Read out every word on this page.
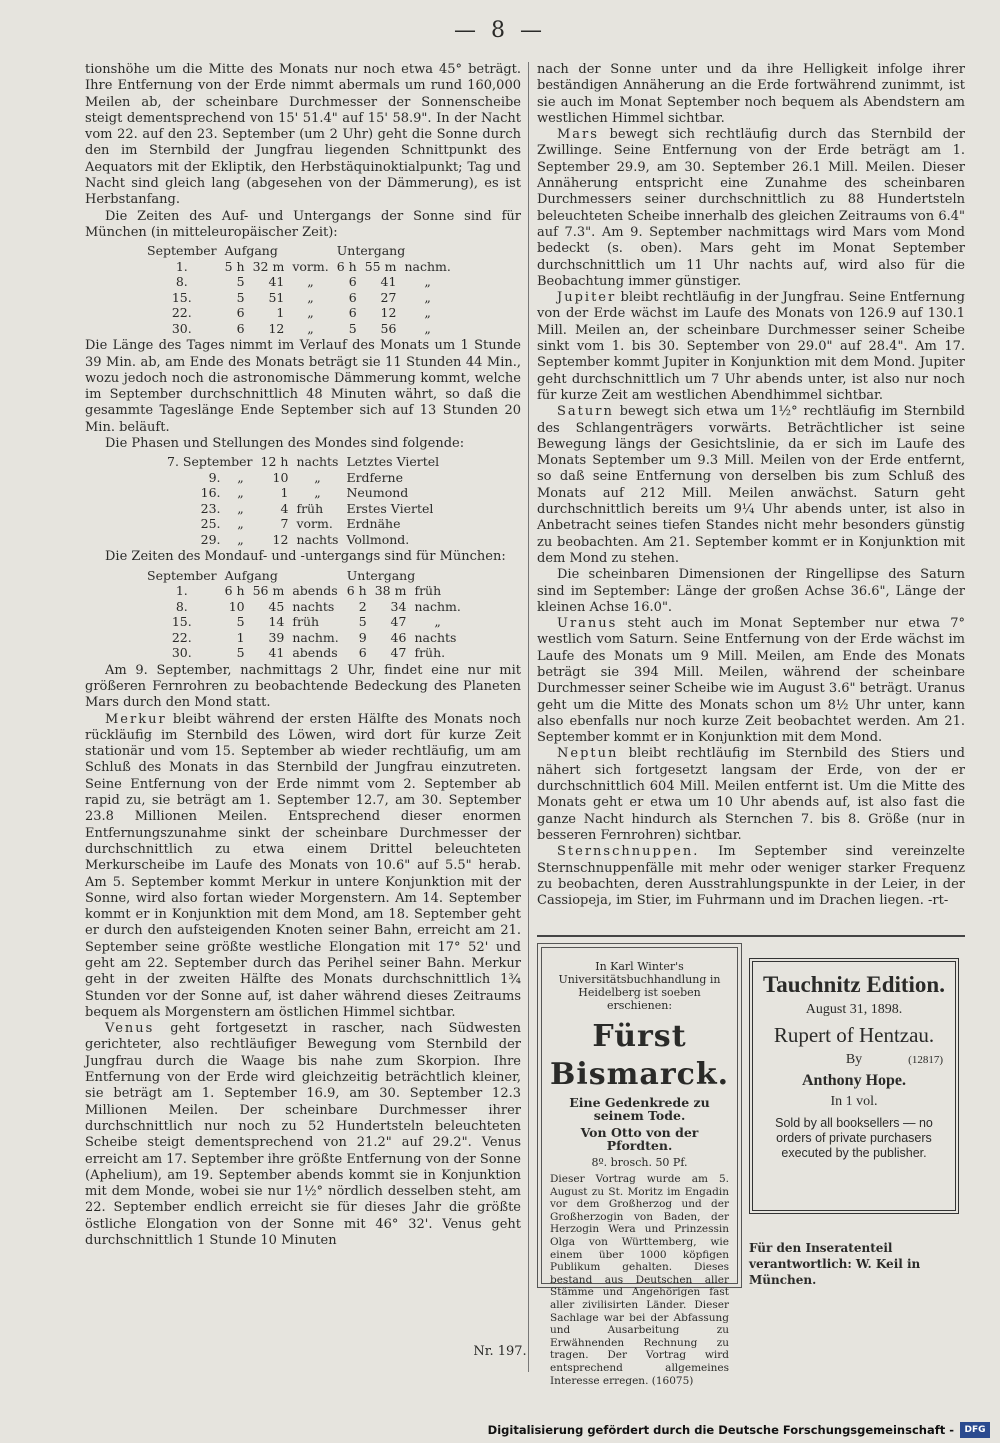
— 8 —

tionshöhe um die Mitte des Monats nur noch etwa 45° beträgt. Ihre Entfernung von der Erde nimmt abermals um rund 160,000 Meilen ab, der scheinbare Durchmesser der Sonnenscheibe steigt dementsprechend von 15' 51.4" auf 15' 58.9". In der Nacht vom 22. auf den 23. September (um 2 Uhr) geht die Sonne durch den im Sternbild der Jungfrau liegenden Schnittpunkt des Aequators mit der Ekliptik, den Herbstäquinoktialpunkt; Tag und Nacht sind gleich lang (abgesehen von der Dämmerung), es ist Herbstanfang.

Die Zeiten des Auf- und Untergangs der Sonne sind für München (in mitteleuropäischer Zeit):

September	Aufgang			Untergang		
1.	5 h	32 m	vorm.	6 h	55 m	nachm.
8.	5	41	„	6	41	„
15.	5	51	„	6	27	„
22.	6	1	„	6	12	„
30.	6	12	„	5	56	„

Die Länge des Tages nimmt im Verlauf des Monats um 1 Stunde 39 Min. ab, am Ende des Monats beträgt sie 11 Stunden 44 Min., wozu jedoch noch die astronomische Dämmerung kommt, welche im September durchschnittlich 48 Minuten währt, so daß die gesammte Tageslänge Ende September sich auf 13 Stunden 20 Min. beläuft.

Die Phasen und Stellungen des Mondes sind folgende:

7. September		12 h	nachts	Letztes Viertel
9.	„	10	„	Erdferne
16.	„	1	„	Neumond
23.	„	4	früh	Erstes Viertel
25.	„	7	vorm.	Erdnähe
29.	„	12	nachts	Vollmond.

Die Zeiten des Mondauf- und -untergangs sind für München:

September	Aufgang			Untergang		
1.	6 h	56 m	abends	6 h	38 m	früh
8.	10	45	nachts	2	34	nachm.
15.	5	14	früh	5	47	„
22.	1	39	nachm.	9	46	nachts
30.	5	41	abends	6	47	früh.

Am 9. September, nachmittags 2 Uhr, findet eine nur mit größeren Fernrohren zu beobachtende Bedeckung des Planeten Mars durch den Mond statt.

Merkur bleibt während der ersten Hälfte des Monats noch rückläufig im Sternbild des Löwen, wird dort für kurze Zeit stationär und vom 15. September ab wieder rechtläufig, um am Schluß des Monats in das Sternbild der Jungfrau einzutreten. Seine Entfernung von der Erde nimmt vom 2. September ab rapid zu, sie beträgt am 1. September 12.7, am 30. September 23.8 Millionen Meilen. Entsprechend dieser enormen Entfernungszunahme sinkt der scheinbare Durchmesser der durchschnittlich zu etwa einem Drittel beleuchteten Merkurscheibe im Laufe des Monats von 10.6" auf 5.5" herab. Am 5. September kommt Merkur in untere Konjunktion mit der Sonne, wird also fortan wieder Morgenstern. Am 14. September kommt er in Konjunktion mit dem Mond, am 18. September geht er durch den aufsteigenden Knoten seiner Bahn, erreicht am 21. September seine größte westliche Elongation mit 17° 52' und geht am 22. September durch das Perihel seiner Bahn. Merkur geht in der zweiten Hälfte des Monats durchschnittlich 1¾ Stunden vor der Sonne auf, ist daher während dieses Zeitraums bequem als Morgenstern am östlichen Himmel sichtbar.

Venus geht fortgesetzt in rascher, nach Südwesten gerichteter, also rechtläufiger Bewegung vom Sternbild der Jungfrau durch die Waage bis nahe zum Skorpion. Ihre Entfernung von der Erde wird gleichzeitig beträchtlich kleiner, sie beträgt am 1. September 16.9, am 30. September 12.3 Millionen Meilen. Der scheinbare Durchmesser ihrer durchschnittlich nur noch zu 52 Hundertsteln beleuchteten Scheibe steigt dementsprechend von 21.2" auf 29.2". Venus erreicht am 17. September ihre größte Entfernung von der Sonne (Aphelium), am 19. September abends kommt sie in Konjunktion mit dem Monde, wobei sie nur 1½° nördlich desselben steht, am 22. September endlich erreicht sie für dieses Jahr die größte östliche Elongation von der Sonne mit 46° 32'. Venus geht durchschnittlich 1 Stunde 10 Minuten

nach der Sonne unter und da ihre Helligkeit infolge ihrer beständigen Annäherung an die Erde fortwährend zunimmt, ist sie auch im Monat September noch bequem als Abendstern am westlichen Himmel sichtbar.

Mars bewegt sich rechtläufig durch das Sternbild der Zwillinge. Seine Entfernung von der Erde beträgt am 1. September 29.9, am 30. September 26.1 Mill. Meilen. Dieser Annäherung entspricht eine Zunahme des scheinbaren Durchmessers seiner durchschnittlich zu 88 Hundertsteln beleuchteten Scheibe innerhalb des gleichen Zeitraums von 6.4" auf 7.3". Am 9. September nachmittags wird Mars vom Mond bedeckt (s. oben). Mars geht im Monat September durchschnittlich um 11 Uhr nachts auf, wird also für die Beobachtung immer günstiger.

Jupiter bleibt rechtläufig in der Jungfrau. Seine Entfernung von der Erde wächst im Laufe des Monats von 126.9 auf 130.1 Mill. Meilen an, der scheinbare Durchmesser seiner Scheibe sinkt vom 1. bis 30. September von 29.0" auf 28.4". Am 17. September kommt Jupiter in Konjunktion mit dem Mond. Jupiter geht durchschnittlich um 7 Uhr abends unter, ist also nur noch für kurze Zeit am westlichen Abendhimmel sichtbar.

Saturn bewegt sich etwa um 1½° rechtläufig im Sternbild des Schlangenträgers vorwärts. Beträchtlicher ist seine Bewegung längs der Gesichtslinie, da er sich im Laufe des Monats September um 9.3 Mill. Meilen von der Erde entfernt, so daß seine Entfernung von derselben bis zum Schluß des Monats auf 212 Mill. Meilen anwächst. Saturn geht durchschnittlich bereits um 9¼ Uhr abends unter, ist also in Anbetracht seines tiefen Standes nicht mehr besonders günstig zu beobachten. Am 21. September kommt er in Konjunktion mit dem Mond zu stehen.

Die scheinbaren Dimensionen der Ringellipse des Saturn sind im September: Länge der großen Achse 36.6", Länge der kleinen Achse 16.0".

Uranus steht auch im Monat September nur etwa 7° westlich vom Saturn. Seine Entfernung von der Erde wächst im Laufe des Monats um 9 Mill. Meilen, am Ende des Monats beträgt sie 394 Mill. Meilen, während der scheinbare Durchmesser seiner Scheibe wie im August 3.6" beträgt. Uranus geht um die Mitte des Monats schon um 8½ Uhr unter, kann also ebenfalls nur noch kurze Zeit beobachtet werden. Am 21. September kommt er in Konjunktion mit dem Mond.

Neptun bleibt rechtläufig im Sternbild des Stiers und nähert sich fortgesetzt langsam der Erde, von der er durchschnittlich 604 Mill. Meilen entfernt ist. Um die Mitte des Monats geht er etwa um 10 Uhr abends auf, ist also fast die ganze Nacht hindurch als Sternchen 7. bis 8. Größe (nur in besseren Fernrohren) sichtbar.

Sternschnuppen. Im September sind vereinzelte Sternschnuppenfälle mit mehr oder weniger starker Frequenz zu beobachten, deren Ausstrahlungspunkte in der Leier, in der Cassiopeja, im Stier, im Fuhrmann und im Drachen liegen. -rt-

In Karl Winter's Universitätsbuchhandlung in Heidelberg ist soeben erschienen:
Fürst Bismarck.
Eine Gedenkrede zu seinem Tode.
Von Otto von der Pfordten.
8º. brosch. 50 Pf.
Dieser Vortrag wurde am 5. August zu St. Moritz im Engadin vor dem Großherzog und der Großherzogin von Baden, der Herzogin Wera und Prinzessin Olga von Württemberg, wie einem über 1000 köpfigen Publikum gehalten. Dieses bestand aus Deutschen aller Stämme und Angehörigen fast aller zivilisirten Länder. Dieser Sachlage war bei der Abfassung und Ausarbeitung zu Erwähnenden Rechnung zu tragen. Der Vortrag wird entsprechend allgemeines Interesse erregen. (16075)
Tauchnitz Edition.
August 31, 1898.
Rupert of Hentzau.
By	(12817)
Anthony Hope.
In 1 vol.
Sold by all booksellers — no orders of private purchasers executed by the publisher.
Für den Inseratenteil verantwortlich: W. Keil in München.
Nr. 197.
Digitalisierung gefördert durch die Deutsche Forschungsgemeinschaft -	DFG
